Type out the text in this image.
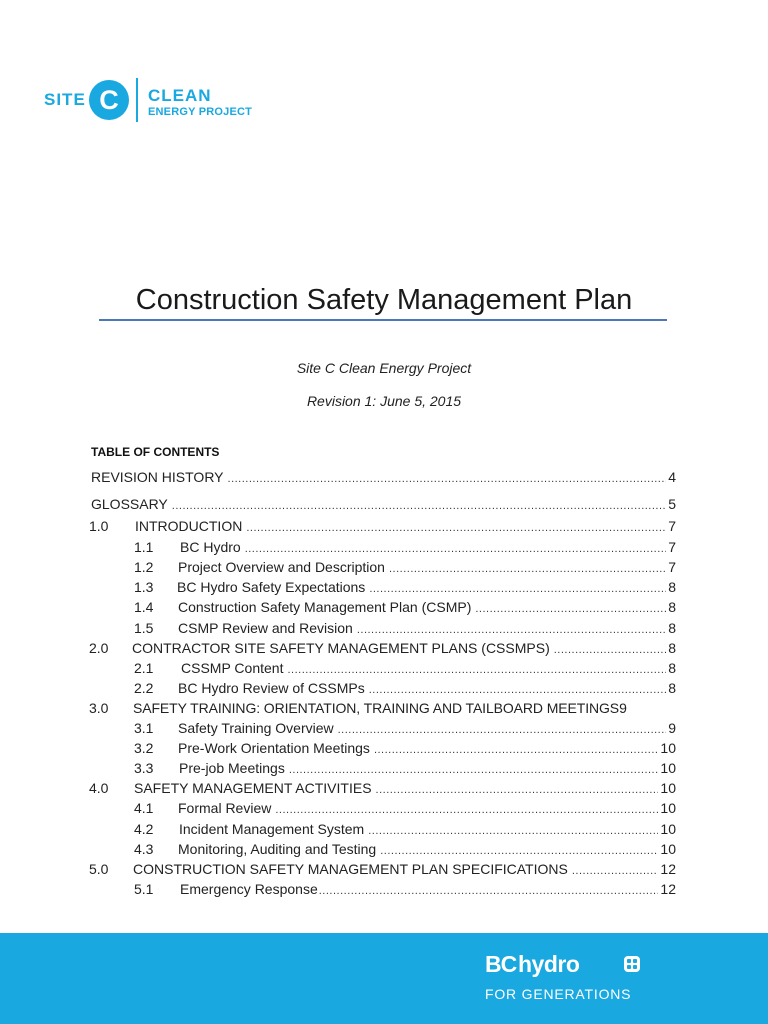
SITE C CLEAN
ENERGY PROJECT
Construction Safety Management Plan
Site C Clean Energy Project
Revision 1: June 5, 2015
TABLE OF CONTENTS
REVISION HISTORY .....	4
GLOSSARY .....	5
1.0	INTRODUCTION .....	7
1.1	BC Hydro .....	7
1.2	Project Overview and Description .....	7
1.3	BC Hydro Safety Expectations .....	8
1.4	Construction Safety Management Plan (CSMP) .....	8
1.5	CSMP Review and Revision .....	8
2.0	CONTRACTOR SITE SAFETY MANAGEMENT PLANS (CSSMPS) .....	8
2.1	CSSMP Content .....	8
2.2	BC Hydro Review of CSSMPs .....	8
3.0	SAFETY TRAINING: ORIENTATION, TRAINING AND TAILBOARD MEETINGS 9
3.1	Safety Training Overview .....	9
3.2	Pre-Work Orientation Meetings .....	10
3.3	Pre-job Meetings .....	10
4.0	SAFETY MANAGEMENT ACTIVITIES .....	10
4.1	Formal Review .....	10
4.2	Incident Management System .....	10
4.3	Monitoring, Auditing and Testing .....	10
5.0	CONSTRUCTION SAFETY MANAGEMENT PLAN SPECIFICATIONS .....	12
5.1	Emergency Response .....	12
BC hydro
FOR GENERATIONS
